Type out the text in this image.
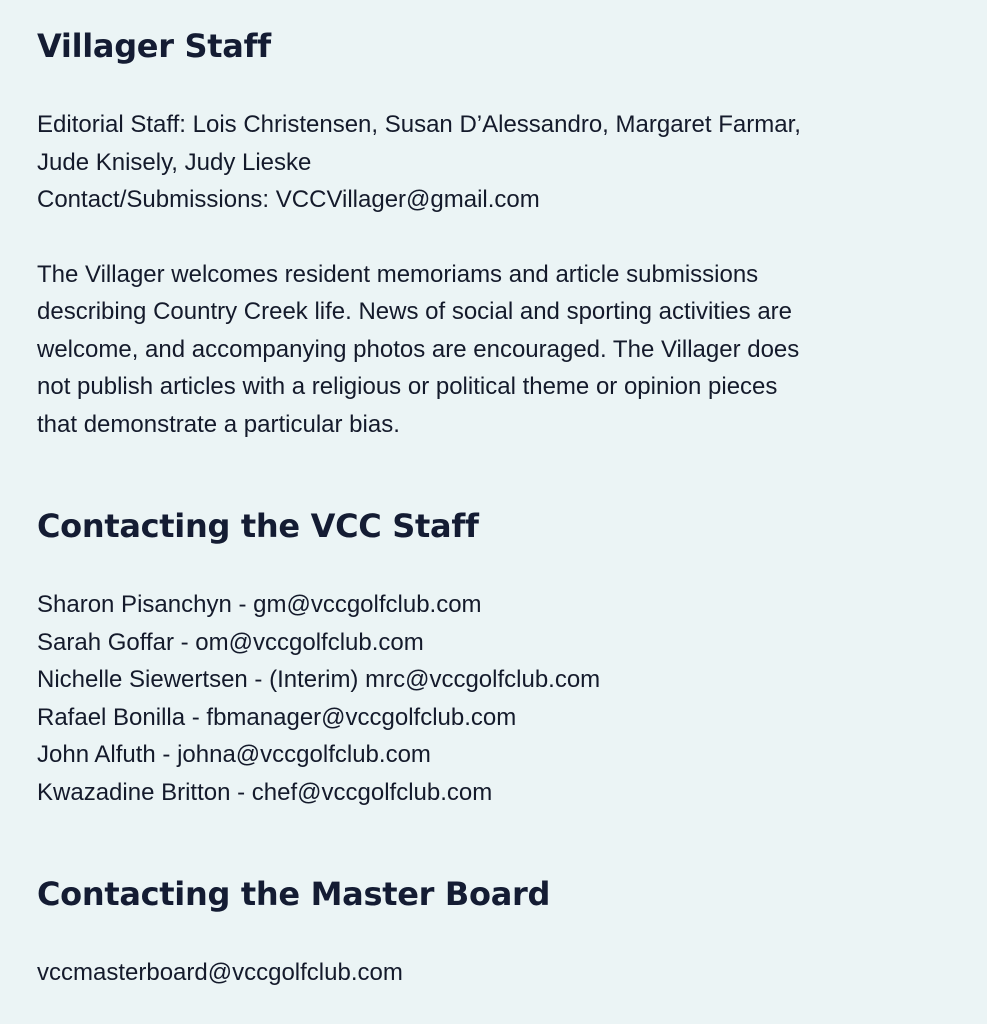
Villager Staff
Editorial Staff: Lois Christensen, Susan D’Alessandro, Margaret Farmar,
Jude Knisely, Judy Lieske
Contact/Submissions: VCCVillager@gmail.com
The Villager welcomes resident memoriams and article submissions
describing Country Creek life. News of social and sporting activities are
welcome, and accompanying photos are encouraged. The Villager does
not publish articles with a religious or political theme or opinion pieces
that demonstrate a particular bias.
Contacting the VCC Staff
Sharon Pisanchyn - gm@vccgolfclub.com
Sarah Goffar - om@vccgolfclub.com
Nichelle Siewertsen - (Interim) mrc@vccgolfclub.com
Rafael Bonilla - fbmanager@vccgolfclub.com
John Alfuth - johna@vccgolfclub.com
Kwazadine Britton - chef@vccgolfclub.com
Contacting the Master Board
vccmasterboard@vccgolfclub.com
